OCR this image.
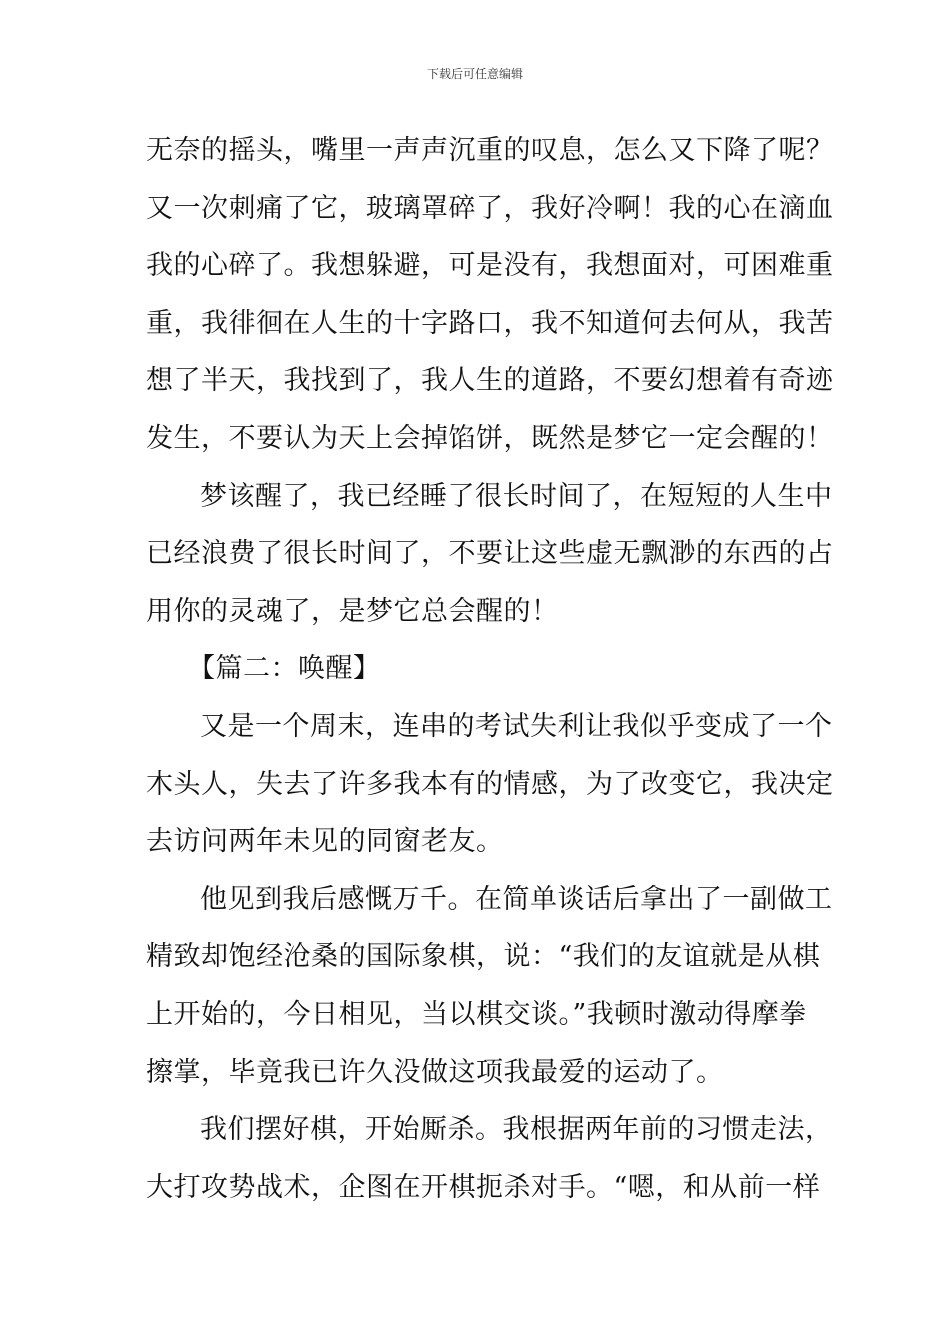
下载后可任意编辑
无奈的摇头，嘴里一声声沉重的叹息，怎么又下降了呢？
又一次刺痛了它，玻璃罩碎了，我好冷啊！我的心在滴血
我的心碎了。我想躲避，可是没有，我想面对，可困难重
重，我徘徊在人生的十字路口，我不知道何去何从，我苦
想了半天，我找到了，我人生的道路，不要幻想着有奇迹
发生，不要认为天上会掉馅饼，既然是梦它一定会醒的！
梦该醒了，我已经睡了很长时间了，在短短的人生中
已经浪费了很长时间了，不要让这些虚无飘渺的东西的占
用你的灵魂了，是梦它总会醒的！
【篇二：唤醒】
又是一个周末，连串的考试失利让我似乎变成了一个
木头人，失去了许多我本有的情感，为了改变它，我决定
去访问两年未见的同窗老友。
他见到我后感慨万千。在简单谈话后拿出了一副做工
精致却饱经沧桑的国际象棋，说：“我们的友谊就是从棋
上开始的，今日相见，当以棋交谈。”我顿时激动得摩拳
擦掌，毕竟我已许久没做这项我最爱的运动了。
我们摆好棋，开始厮杀。我根据两年前的习惯走法，
大打攻势战术，企图在开棋扼杀对手。“嗯，和从前一样
